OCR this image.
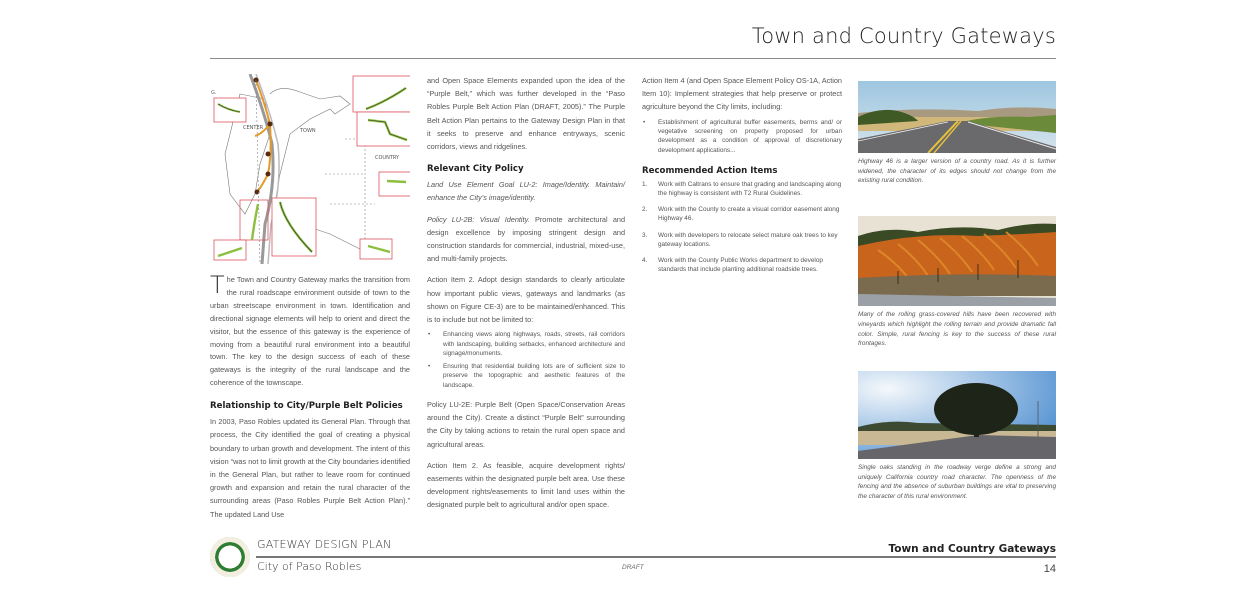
Town and Country Gateways
CENTER	TOWN
COUNTRY
G.

The Town and Country Gateway marks the transition from the rural roadscape environment outside of town to the urban streetscape environment in town. Identification and directional signage elements will help to orient and direct the visitor, but the essence of this gateway is the experience of moving from a beautiful rural environment into a beautiful town. The key to the design success of each of these gateways is the integrity of the rural landscape and the coherence of the townscape.

Relationship to City/Purple Belt Policies

In 2003, Paso Robles updated its General Plan. Through that process, the City identified the goal of creating a physical boundary to urban growth and development. The intent of this vision “was not to limit growth at the City boundaries identified in the General Plan, but rather to leave room for continued growth and expansion and retain the rural character of the surrounding areas (Paso Robles Purple Belt Action Plan).” The updated Land Use

and Open Space Elements expanded upon the idea of the “Purple Belt,” which was further developed in the “Paso Robles Purple Belt Action Plan (DRAFT, 2005).” The Purple Belt Action Plan pertains to the Gateway Design Plan in that it seeks to preserve and enhance entryways, scenic corridors, views and ridgelines.

Relevant City Policy

Land Use Element Goal LU-2: Image/Identity. Maintain/ enhance the City’s image/identity.

Policy LU-2B: Visual Identity. Promote architectural and design excellence by imposing stringent design and construction standards for commercial, industrial, mixed-use, and multi-family projects.

Action Item 2. Adopt design standards to clearly articulate how important public views, gateways and landmarks (as shown on Figure CE-3) are to be maintained/enhanced. This is to include but not be limited to:

• Enhancing views along highways, roads, streets, rail corridors with landscaping, building setbacks, enhanced architecture and signage/monuments.
• Ensuring that residential building lots are of sufficient size to preserve the topographic and aesthetic features of the landscape.

Policy LU-2E: Purple Belt (Open Space/Conservation Areas around the City). Create a distinct “Purple Belt” surrounding the City by taking actions to retain the rural open space and agricultural areas.

Action Item 2. As feasible, acquire development rights/ easements within the designated purple belt area. Use these development rights/easements to limit land uses within the designated purple belt to agricultural and/or open space.

Action Item 4 (and Open Space Element Policy OS-1A, Action Item 10): Implement strategies that help preserve or protect agriculture beyond the City limits, including:

• Establishment of agricultural buffer easements, berms and/ or vegetative screening on property proposed for urban development as a condition of approval of discretionary development applications...
Recommended Action Items
1. Work with Caltrans to ensure that grading and landscaping along the highway is consistent with T2 Rural Guidelines.
2. Work with the County to create a visual corridor easement along Highway 46.
3. Work with developers to relocate select mature oak trees to key gateway locations.
4. Work with the County Public Works department to develop standards that include planting additional roadside trees.

Highway 46 is a larger version of a country road. As it is further widened, the character of its edges should not change from the existing rural condition.

Many of the rolling grass-covered hills have been recovered with vineyards which highlight the rolling terrain and provide dramatic fall color. Simple, rural fencing is key to the success of these rural frontages.

Single oaks standing in the roadway verge define a strong and uniquely California country road character. The openness of the fencing and the absence of suburban buildings are vital to preserving the character of this rural environment.

GATEWAY DESIGN PLAN
City of Paso Robles	DRAFT
Town and Country Gateways
14
